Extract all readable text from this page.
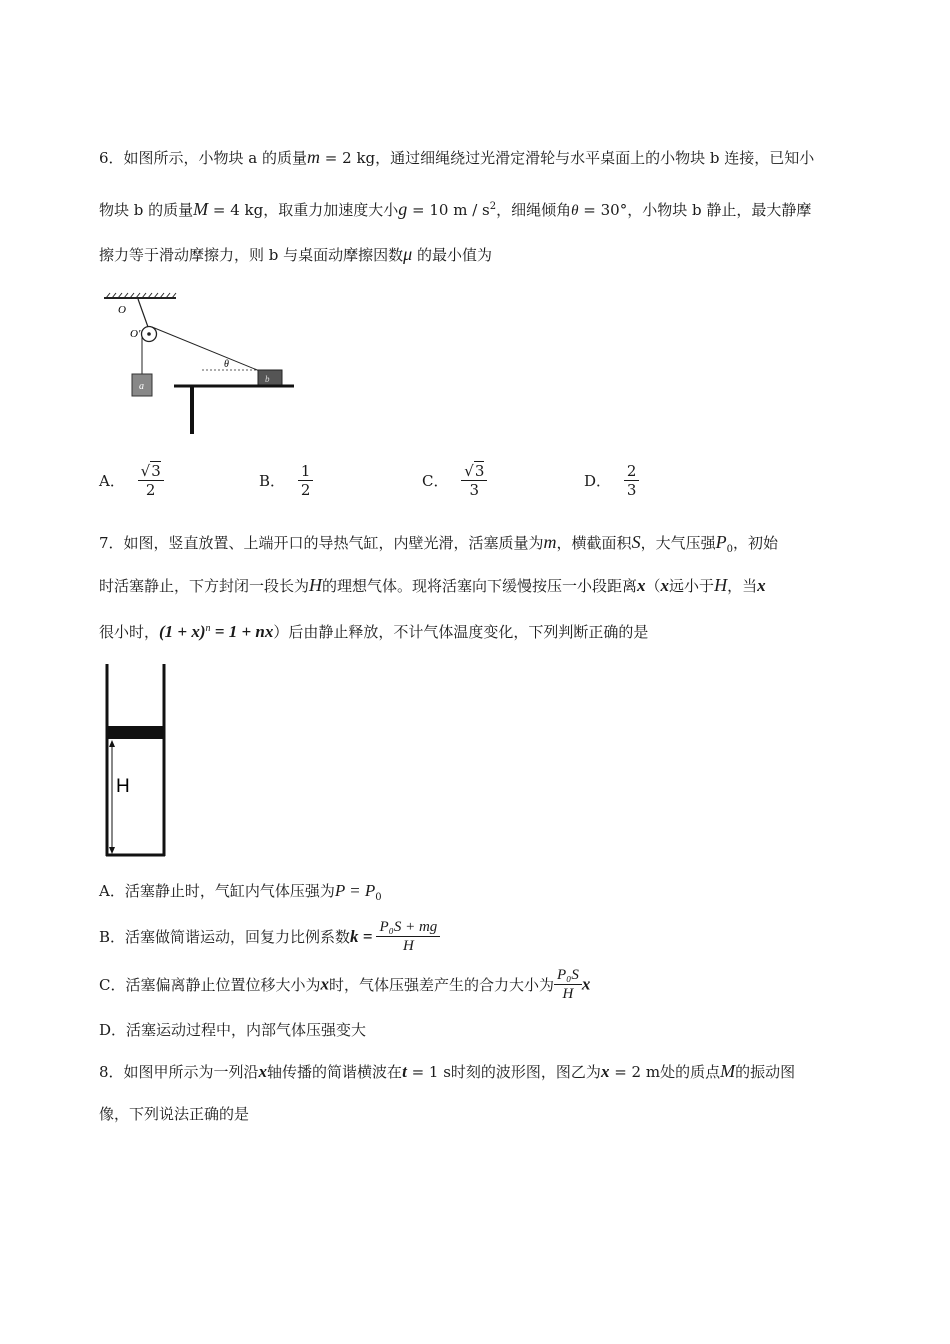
6．如图所示，小物块 a 的质量m = 2 kg，通过细绳绕过光滑定滑轮与水平桌面上的小物块 b 连接，已知小
物块 b 的质量M = 4 kg，取重力加速度大小g = 10 m / $s^2$，细绳倾角θ = 30°，小物块 b 静止，最大静摩
擦力等于滑动摩擦力，则 b 与桌面动摩擦因数μ 的最小值为
O
O'
a
θ
b
A． $\frac{√3}{2}$	B． $\frac{1}{2}$	C． $\frac{√3}{3}$	D． $\frac{2}{3}$
7．如图，竖直放置、上端开口的导热气缸，内壁光滑，活塞质量为m，横截面积S，大气压强$P_0$，初始
时活塞静止，下方封闭一段长为H的理想气体。现将活塞向下缓慢按压一小段距离x（x远小于H，当x
很小时，$(1 + x)^n = 1 + nx$）后由静止释放，不计气体温度变化，下列判断正确的是
H
A．活塞静止时，气缸内气体压强为$P = P_0$
B．活塞做简谐运动，回复力比例系数$k = \frac{\text{P₀S + mg}}{H}$
C．活塞偏离静止位置位移大小为x时，气体压强差产生的合力大小为 $\frac{\text{P₀S}}{H}$ x
D．活塞运动过程中，内部气体压强变大
8．如图甲所示为一列沿x轴传播的简谐横波在t = 1 s时刻的波形图，图乙为x = 2 m处的质点M的振动图
像，下列说法正确的是
